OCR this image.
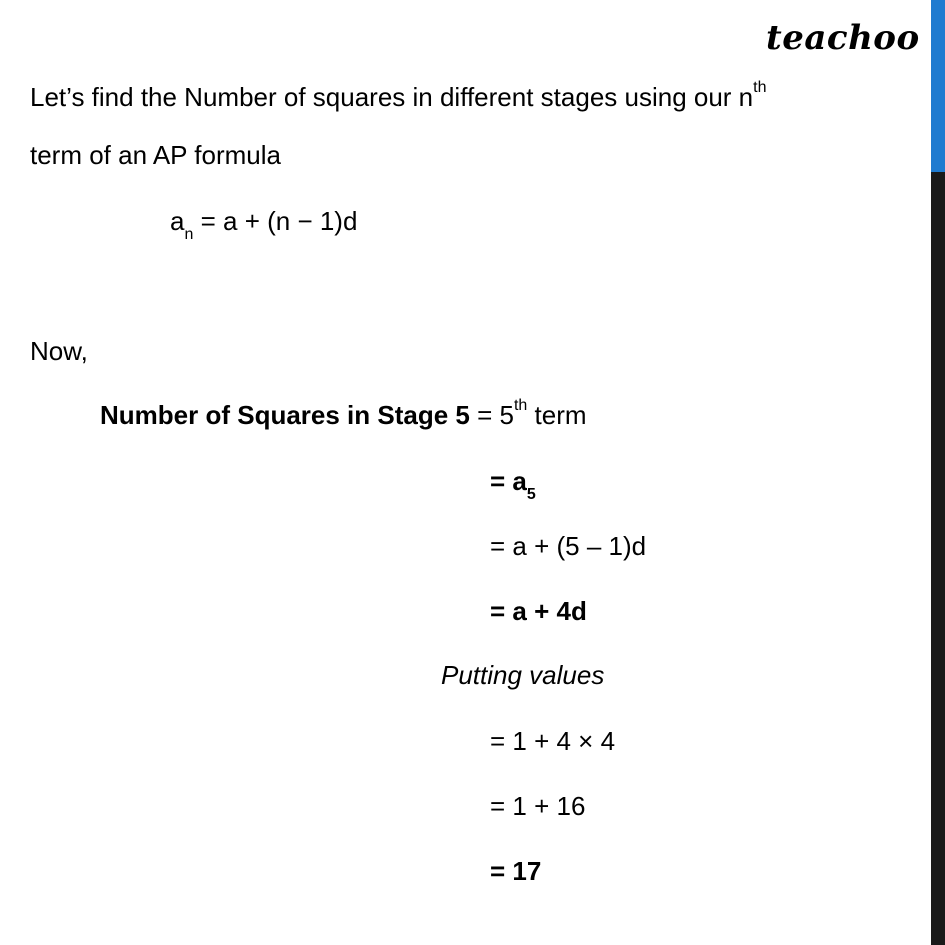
teachoo
Let’s find the Number of squares in different stages using our $n^{th}$
term of an AP formula
$a_n = a + (n - 1)d$
Now,
Number of Squares in Stage 5 = 5th term
= $a_5$
= a + (5 – 1)d
= a + 4d
Putting values
= 1 + 4 × 4
= 1 + 16
= 17
